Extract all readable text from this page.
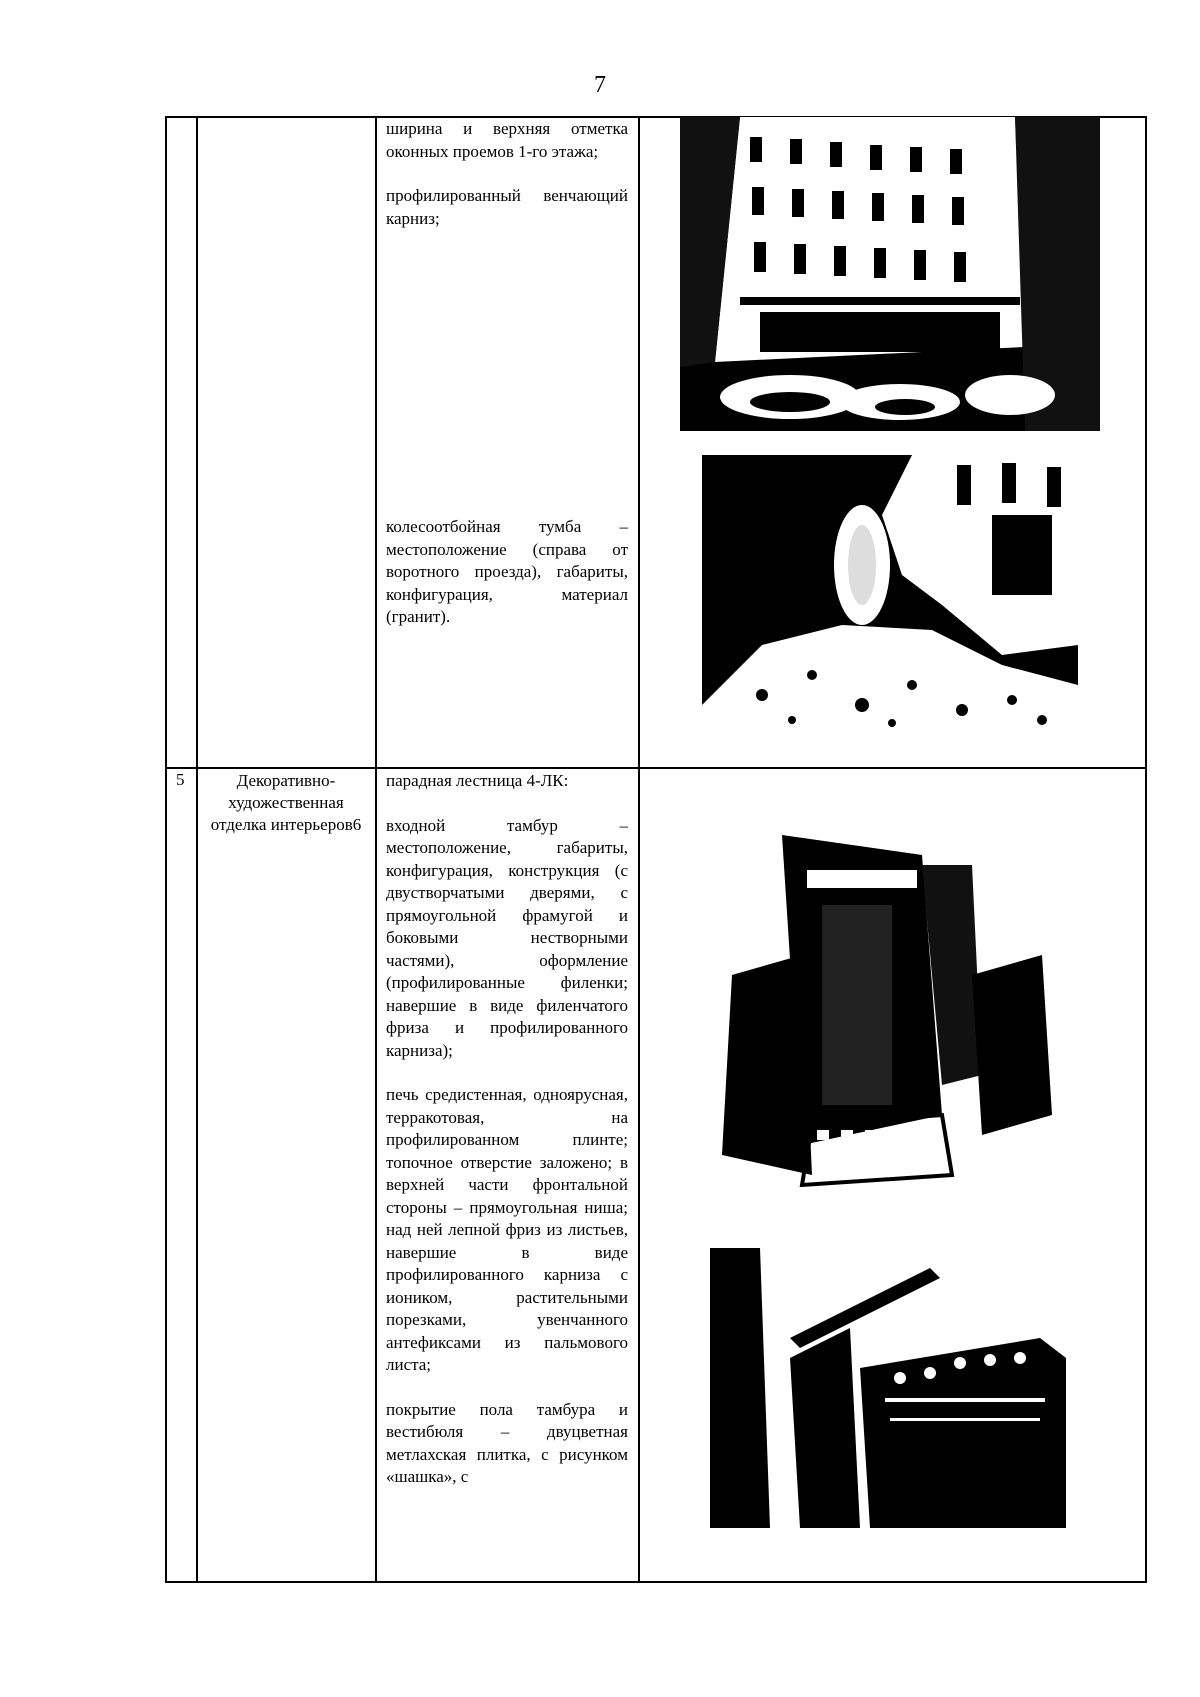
7

ширина и верхняя отметка оконных проемов 1-го этажа;

профилированный венчающий карниз;

колесоотбойная тумба – местоположение (справа от воротного проезда), габариты, конфигурация, материал (гранит).

5	Декоративно-художественная отделка интерьеров6

парадная лестница 4-ЛК:

входной тамбур – местоположение, габариты, конфигурация, конструкция (с двустворчатыми дверями, с прямоугольной фрамугой и боковыми нестворными частями), оформление (профилированные филенки; навершие в виде филенчатого фриза и профилированного карниза);

печь средистенная, одноярусная, терракотовая, на профилированном плинте; топочное отверстие заложено; в верхней части фронтальной стороны – прямоугольная ниша; над ней лепной фриз из листьев, навершие в виде профилированного карниза с иоником, растительными порезками, увенчанного антефиксами из пальмового листа;

покрытие пола тамбура и вестибюля – двуцветная метлахская плитка, с рисунком «шашка», с
